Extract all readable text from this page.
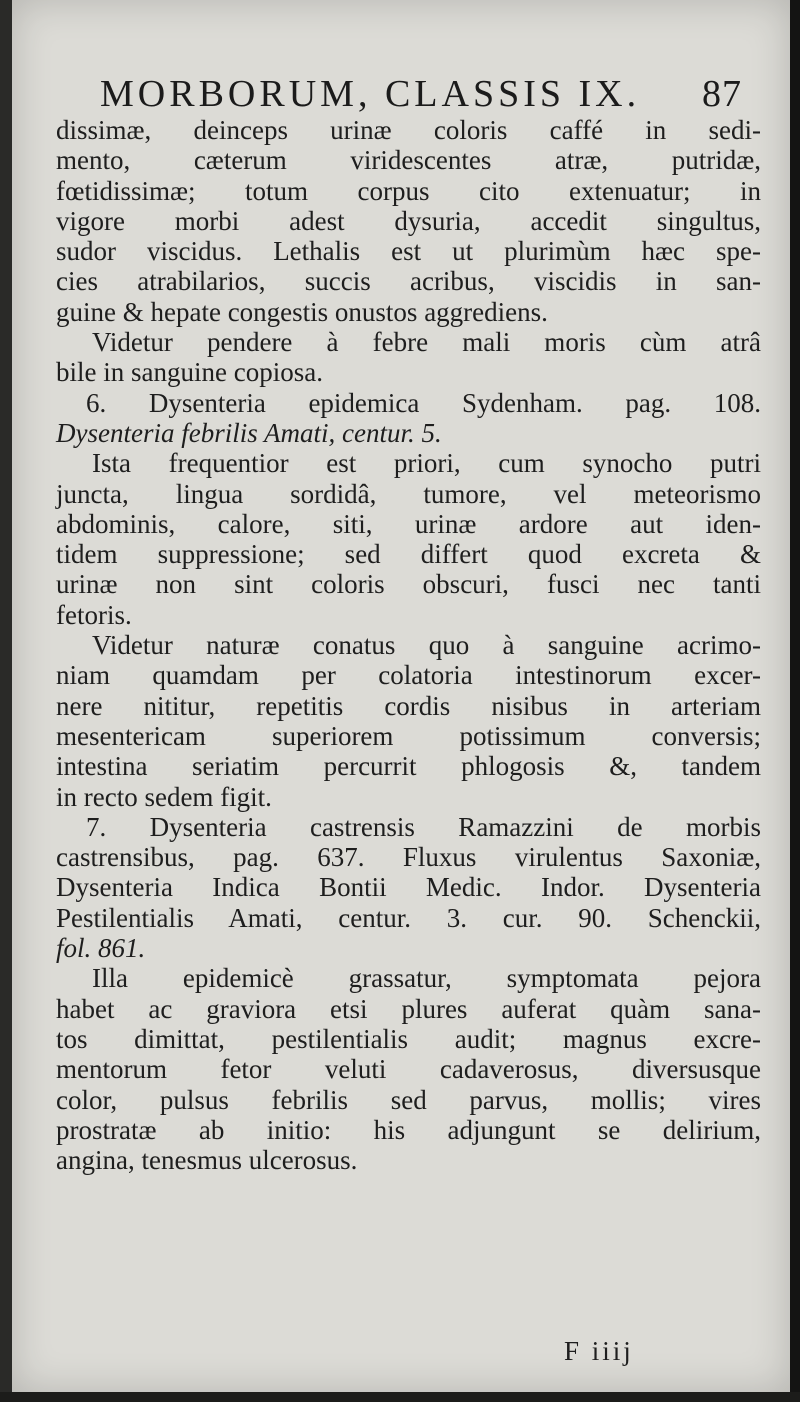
MORBORUM, CLASSIS IX. 87
dissimæ, deinceps urinæ coloris caffé in sedi-
mento, cæterum viridescentes atræ, putridæ,
fœtidissimæ; totum corpus cito extenuatur; in
vigore morbi adest dysuria, accedit singultus,
sudor viscidus. Lethalis est ut plurimùm hæc spe-
cies atrabilarios, succis acribus, viscidis in san-
guine & hepate congestis onustos aggrediens.
Videtur pendere à febre mali moris cùm atrâ
bile in sanguine copiosa.
6. Dysenteria epidemica Sydenham. pag. 108.
Dysenteria febrilis Amati, centur. 5.
Ista frequentior est priori, cum synocho putri
juncta, lingua sordidâ, tumore, vel meteorismo
abdominis, calore, siti, urinæ ardore aut iden-
tidem suppressione; sed differt quod excreta &
urinæ non sint coloris obscuri, fusci nec tanti
fetoris.
Videtur naturæ conatus quo à sanguine acrimo-
niam quamdam per colatoria intestinorum excer-
nere nititur, repetitis cordis nisibus in arteriam
mesentericam superiorem potissimum conversis;
intestina seriatim percurrit phlogosis &, tandem
in recto sedem figit.
7. Dysenteria castrensis Ramazzini de morbis
castrensibus, pag. 637. Fluxus virulentus Saxoniæ,
Dysenteria Indica Bontii Medic. Indor. Dysenteria
Pestilentialis Amati, centur. 3. cur. 90. Schenckii,
fol. 861.
Illa epidemicè grassatur, symptomata pejora
habet ac graviora etsi plures auferat quàm sana-
tos dimittat, pestilentialis audit; magnus excre-
mentorum fetor veluti cadaverosus, diversusque
color, pulsus febrilis sed parvus, mollis; vires
prostratæ ab initio: his adjungunt se delirium,
angina, tenesmus ulcerosus.
F iiij
